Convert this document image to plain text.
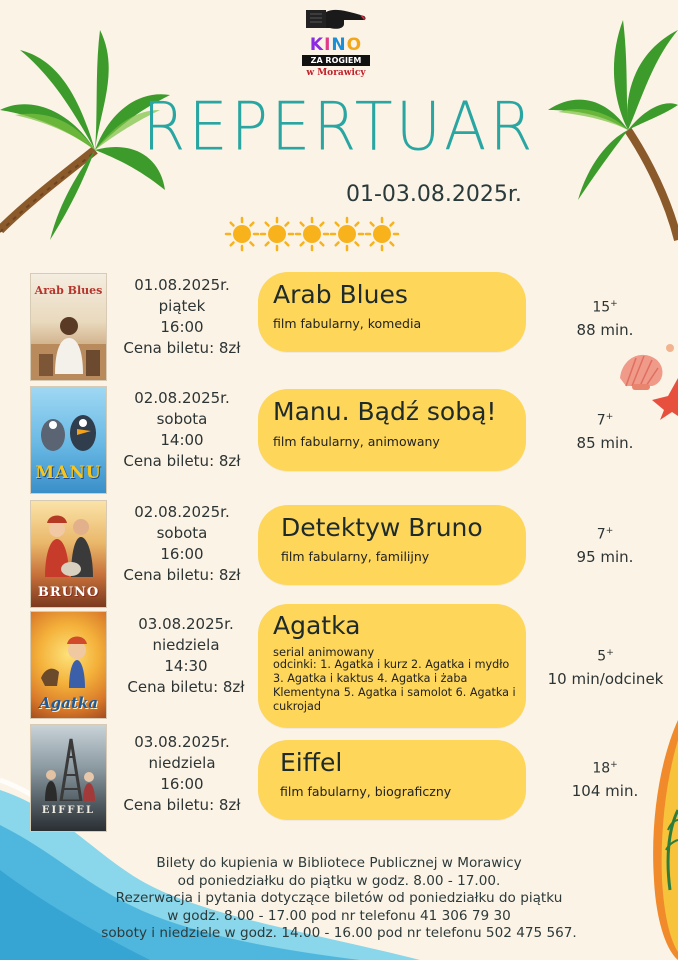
KINO
ZA ROGIEM
w Morawicy
REPERTUAR
01-03.08.2025r.
Arab Blues	01.08.2025r.
piątek
16:00
Cena biletu: 8zł
Arab Blues
film fabularny, komedia
15+
88 min.
MANU
02.08.2025r.
sobota
14:00
Cena biletu: 8zł
Manu. Bądź sobą!
film fabularny, animowany
7+
85 min.
BRUNO
02.08.2025r.
sobota
16:00
Cena biletu: 8zł
Detektyw Bruno
film fabularny, familijny
7+
95 min.
Agatka
03.08.2025r.
niedziela
14:30
Cena biletu: 8zł
Agatka
serial animowany
odcinki: 1. Agatka i kurz 2. Agatka i mydło 3. Agatka i kaktus 4. Agatka i żaba Klementyna 5. Agatka i samolot 6. Agatka i cukrojad
5+
10 min/odcinek
EIFFEL
03.08.2025r.
niedziela
16:00
Cena biletu: 8zł
Eiffel
film fabularny, biograficzny
18+
104 min.
Bilety do kupienia w Bibliotece Publicznej w Morawicy
od poniedziałku do piątku w godz. 8.00 - 17.00.
Rezerwacja i pytania dotyczące biletów od poniedziałku do piątku
w godz. 8.00 - 17.00 pod nr telefonu 41 306 79 30
soboty i niedziele w godz. 14.00 - 16.00 pod nr telefonu 502 475 567.
